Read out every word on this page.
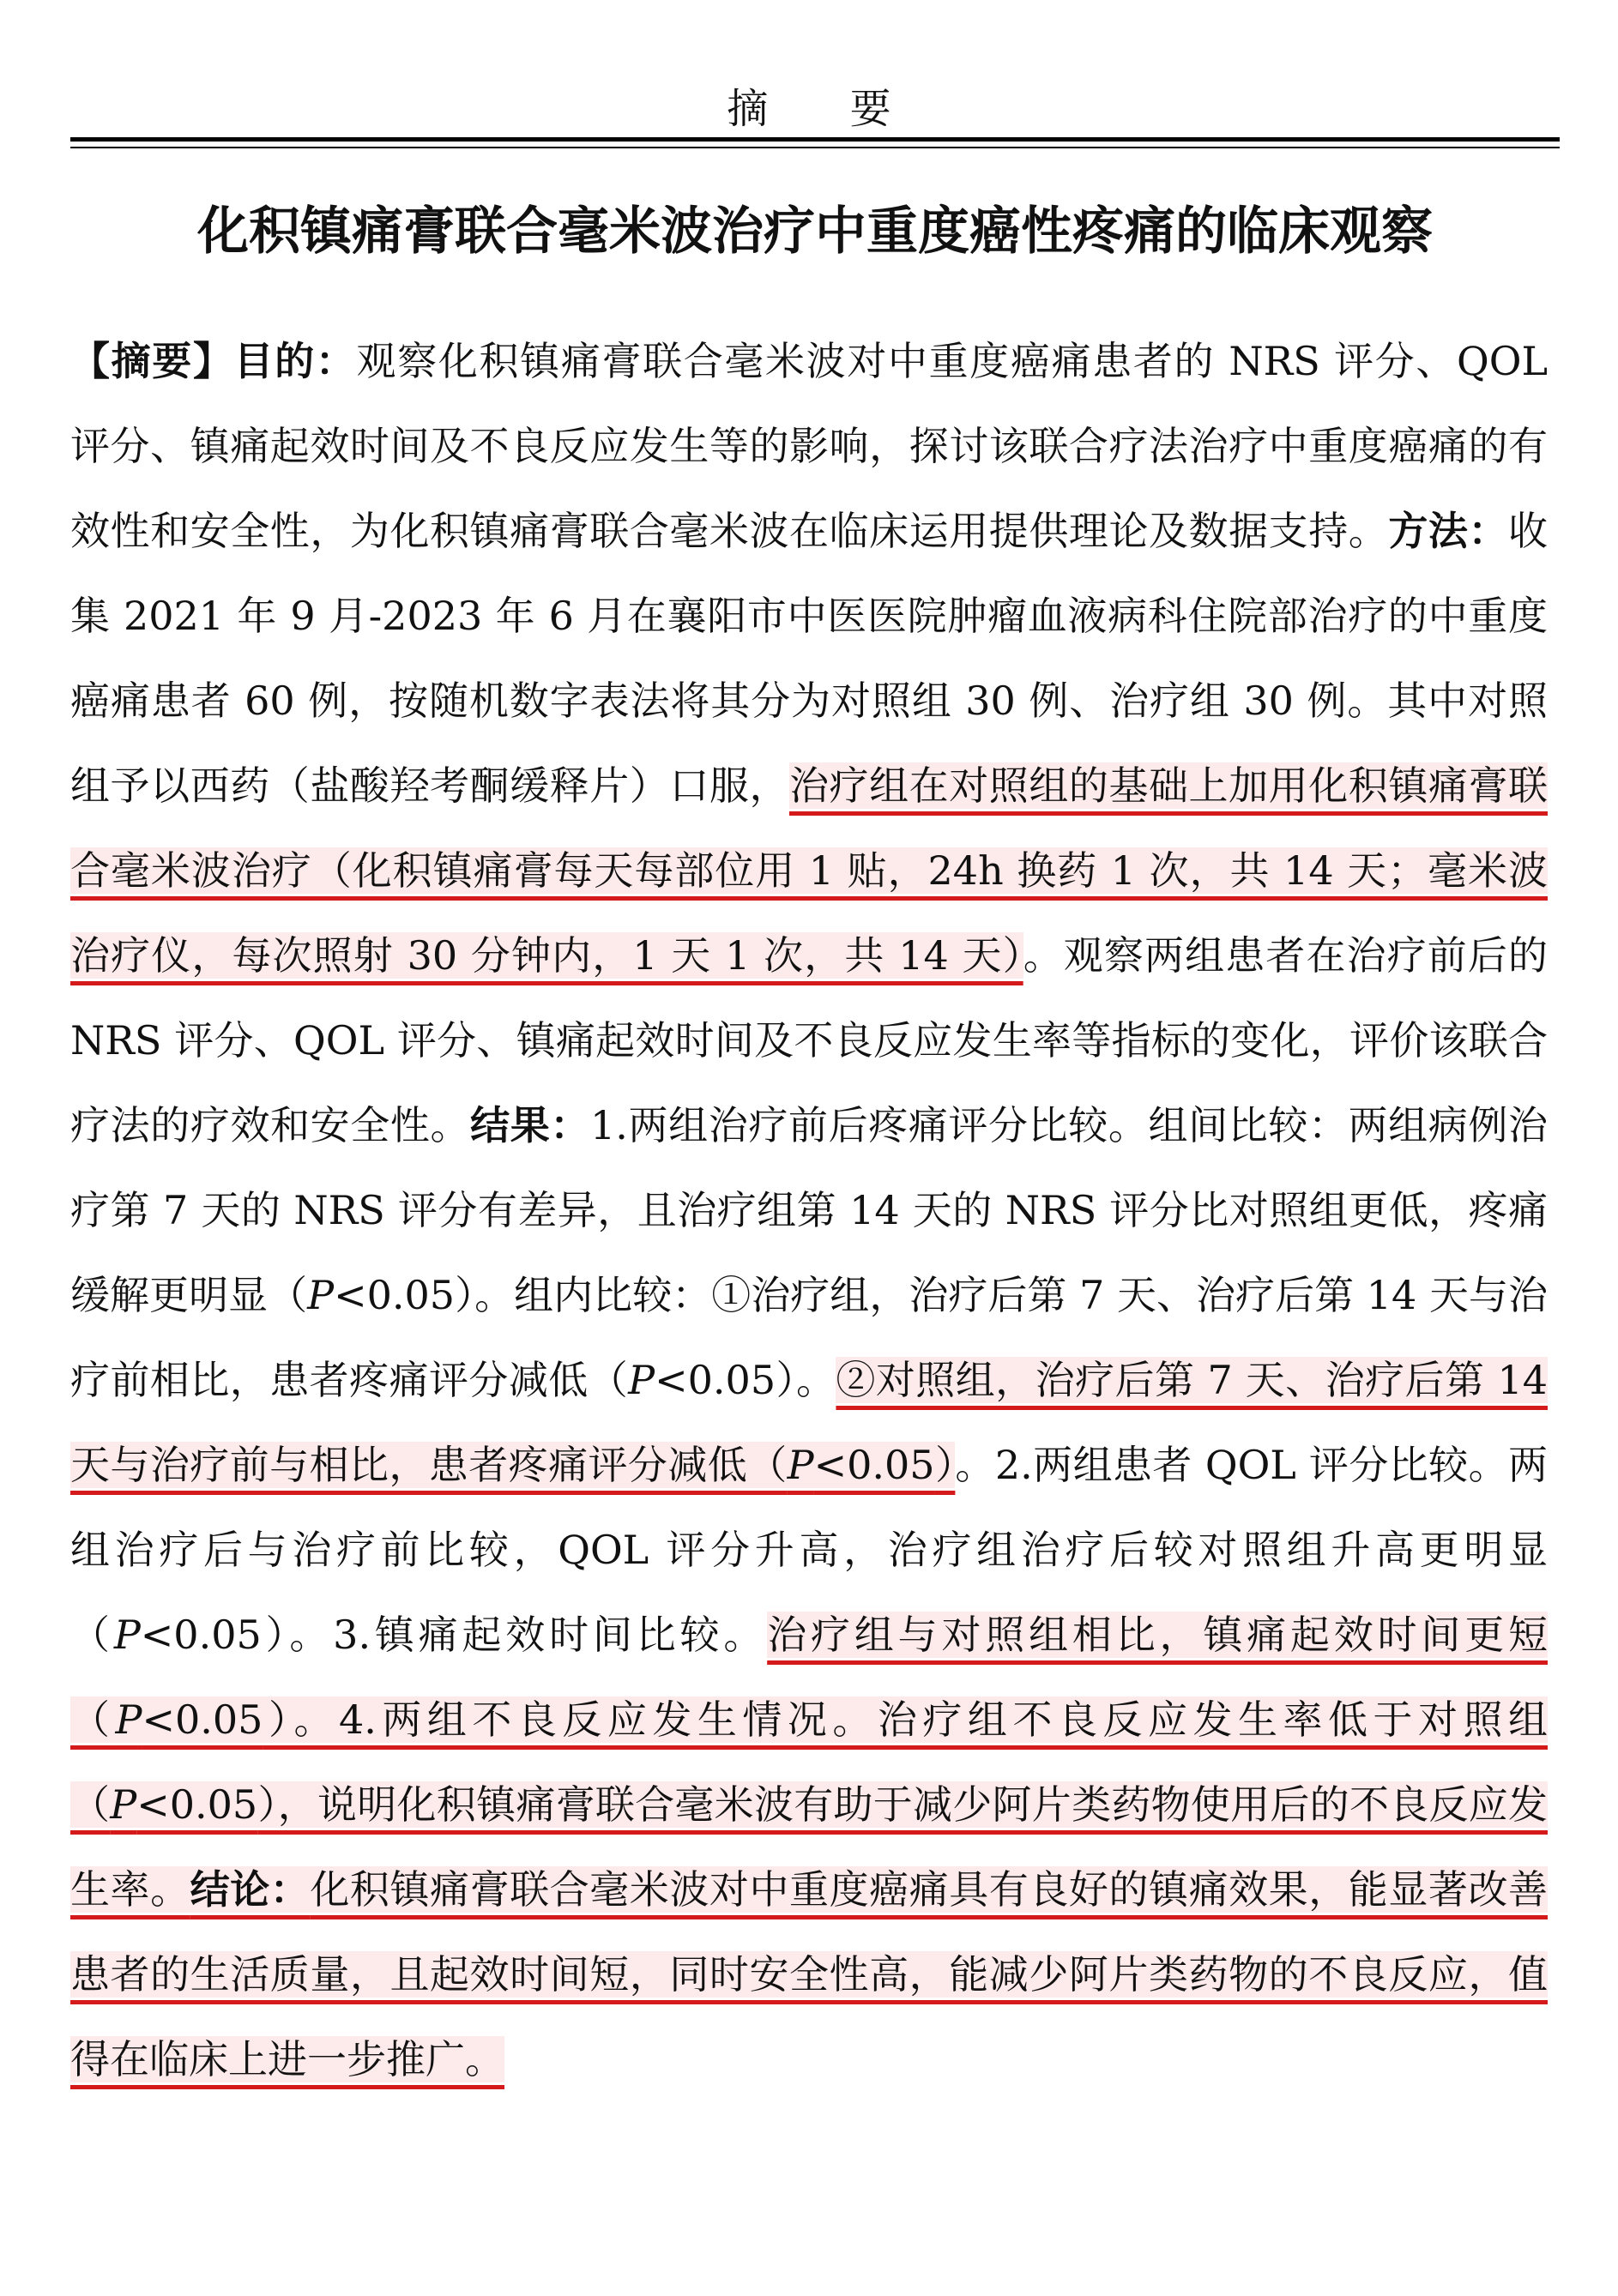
摘 要
化积镇痛膏联合毫米波治疗中重度癌性疼痛的临床观察
【摘要】目的：观察化积镇痛膏联合毫米波对中重度癌痛患者的 NRS 评分、QOL 评分、镇痛起效时间及不良反应发生等的影响，探讨该联合疗法治疗中重度癌痛的有效性和安全性，为化积镇痛膏联合毫米波在临床运用提供理论及数据支持。方法：收集 2021 年 9 月-2023 年 6 月在襄阳市中医医院肿瘤血液病科住院部治疗的中重度癌痛患者 60 例，按随机数字表法将其分为对照组 30 例、治疗组 30 例。其中对照组予以西药（盐酸羟考酮缓释片）口服，治疗组在对照组的基础上加用化积镇痛膏联合毫米波治疗（化积镇痛膏每天每部位用 1 贴，24h 换药 1 次，共 14 天；毫米波治疗仪，每次照射 30 分钟内，1 天 1 次，共 14 天）。观察两组患者在治疗前后的 NRS 评分、QOL 评分、镇痛起效时间及不良反应发生率等指标的变化，评价该联合疗法的疗效和安全性。结果：1.两组治疗前后疼痛评分比较。组间比较：两组病例治疗第 7 天的 NRS 评分有差异，且治疗组第 14 天的 NRS 评分比对照组更低，疼痛缓解更明显（P<0.05）。组内比较：①治疗组，治疗后第 7 天、治疗后第 14 天与治疗前相比，患者疼痛评分减低（P<0.05）。②对照组，治疗后第 7 天、治疗后第 14 天与治疗前与相比，患者疼痛评分减低（P<0.05）。2.两组患者 QOL 评分比较。两组治疗后与治疗前比较，QOL 评分升高，治疗组治疗后较对照组升高更明显（P<0.05）。3.镇痛起效时间比较。治疗组与对照组相比，镇痛起效时间更短（P<0.05）。4.两组不良反应发生情况。治疗组不良反应发生率低于对照组（P<0.05），说明化积镇痛膏联合毫米波有助于减少阿片类药物使用后的不良反应发生率。结论：化积镇痛膏联合毫米波对中重度癌痛具有良好的镇痛效果，能显著改善患者的生活质量，且起效时间短，同时安全性高，能减少阿片类药物的不良反应，值得在临床上进一步推广。
